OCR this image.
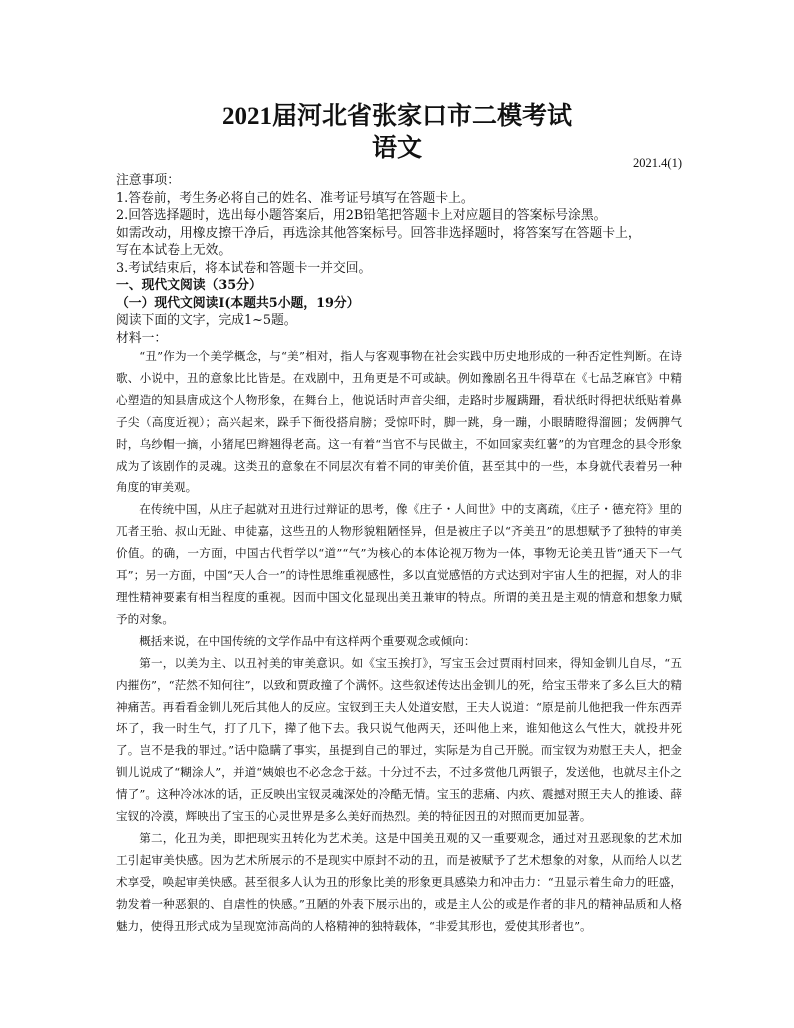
2021届河北省张家口市二模考试
语文
2021.4(1)
注意事项：
1.答卷前，考生务必将自己的姓名、准考证号填写在答题卡上。
2.回答选择题时，选出每小题答案后，用2B铅笔把答题卡上对应题目的答案标号涂黑。
如需改动，用橡皮擦干净后，再选涂其他答案标号。回答非选择题时，将答案写在答题卡上，
写在本试卷上无效。
3.考试结束后，将本试卷和答题卡一并交回。
一、现代文阅读（35分）
（一）现代文阅读I(本题共5小题，19分）
阅读下面的文字，完成1~5题。
材料一：

“丑”作为一个美学概念，与“美”相对，指人与客观事物在社会实践中历史地形成的一种否定性判断。在诗歌、小说中，丑的意象比比皆是。在戏剧中，丑角更是不可或缺。例如豫剧名丑牛得草在《七品芝麻官》中精心塑造的知县唐成这个人物形象，在舞台上，他说话时声音尖细，走路时步履蹒跚，看状纸时得把状纸贴着鼻子尖（高度近视）；高兴起来，跺手下衙役搭肩膀；受惊吓时，脚一跳，身一蹦，小眼睛瞪得溜圆；发俩脾气时，乌纱帽一摘，小猪尾巴辫翘得老高。这一有着“当官不与民做主，不如回家卖红薯”的为官理念的县令形象成为了该剧作的灵魂。这类丑的意象在不同层次有着不同的审美价值，甚至其中的一些，本身就代表着另一种角度的审美观。

在传统中国，从庄子起就对丑进行过辩证的思考，像《庄子・人间世》中的支离疏，《庄子・德充符》里的兀者王骀、叔山无趾、申徒嘉，这些丑的人物形貌粗陋怪异，但是被庄子以“齐美丑”的思想赋予了独特的审美价值。的确，一方面，中国古代哲学以“道”“气”为核心的本体论视万物为一体，事物无论美丑皆“通天下一气耳”；另一方面，中国“天人合一”的诗性思维重视感性，多以直觉感悟的方式达到对宇宙人生的把握，对人的非理性精神要素有相当程度的重视。因而中国文化显现出美丑兼审的特点。所谓的美丑是主观的情意和想象力赋予的对象。

概括来说，在中国传统的文学作品中有这样两个重要观念或倾向：

第一，以美为主、以丑衬美的审美意识。如《宝玉挨打》，写宝玉会过贾雨村回来，得知金钏儿自尽，“五内摧伤”，“茫然不知何往”，以致和贾政撞了个满怀。这些叙述传达出金钏儿的死，给宝玉带来了多么巨大的精神痛苦。再看看金钏儿死后其他人的反应。宝钗到王夫人处道安慰，王夫人说道：“原是前儿他把我一件东西弄坏了，我一时生气，打了几下，撵了他下去。我只说气他两天，还叫他上来，谁知他这么气性大，就投井死了。岂不是我的罪过。”话中隐瞒了事实，虽提到自己的罪过，实际是为自己开脱。而宝钗为劝慰王夫人，把金钏儿说成了“糊涂人”，并道“姨娘也不必念念于兹。十分过不去，不过多赏他几两银子，发送他，也就尽主仆之情了”。这种冷冰冰的话，正反映出宝钗灵魂深处的冷酷无情。宝玉的悲痛、内疚、震撼对照王夫人的推诿、薛宝钗的冷漠，辉映出了宝玉的心灵世界是多么美好而热烈。美的特征因丑的对照而更加显著。

第二，化丑为美，即把现实丑转化为艺术美。这是中国美丑观的又一重要观念，通过对丑恶现象的艺术加工引起审美快感。因为艺术所展示的不是现实中原封不动的丑，而是被赋予了艺术想象的对象，从而给人以艺术享受，唤起审美快感。甚至很多人认为丑的形象比美的形象更具感染力和冲击力：“丑显示着生命力的旺盛，勃发着一种恶狠的、自虐性的快感。”丑陋的外表下展示出的，或是主人公的或是作者的非凡的精神品质和人格魅力，使得丑形式成为呈现宽沛高尚的人格精神的独特载体，“非爱其形也，爱使其形者也”。
